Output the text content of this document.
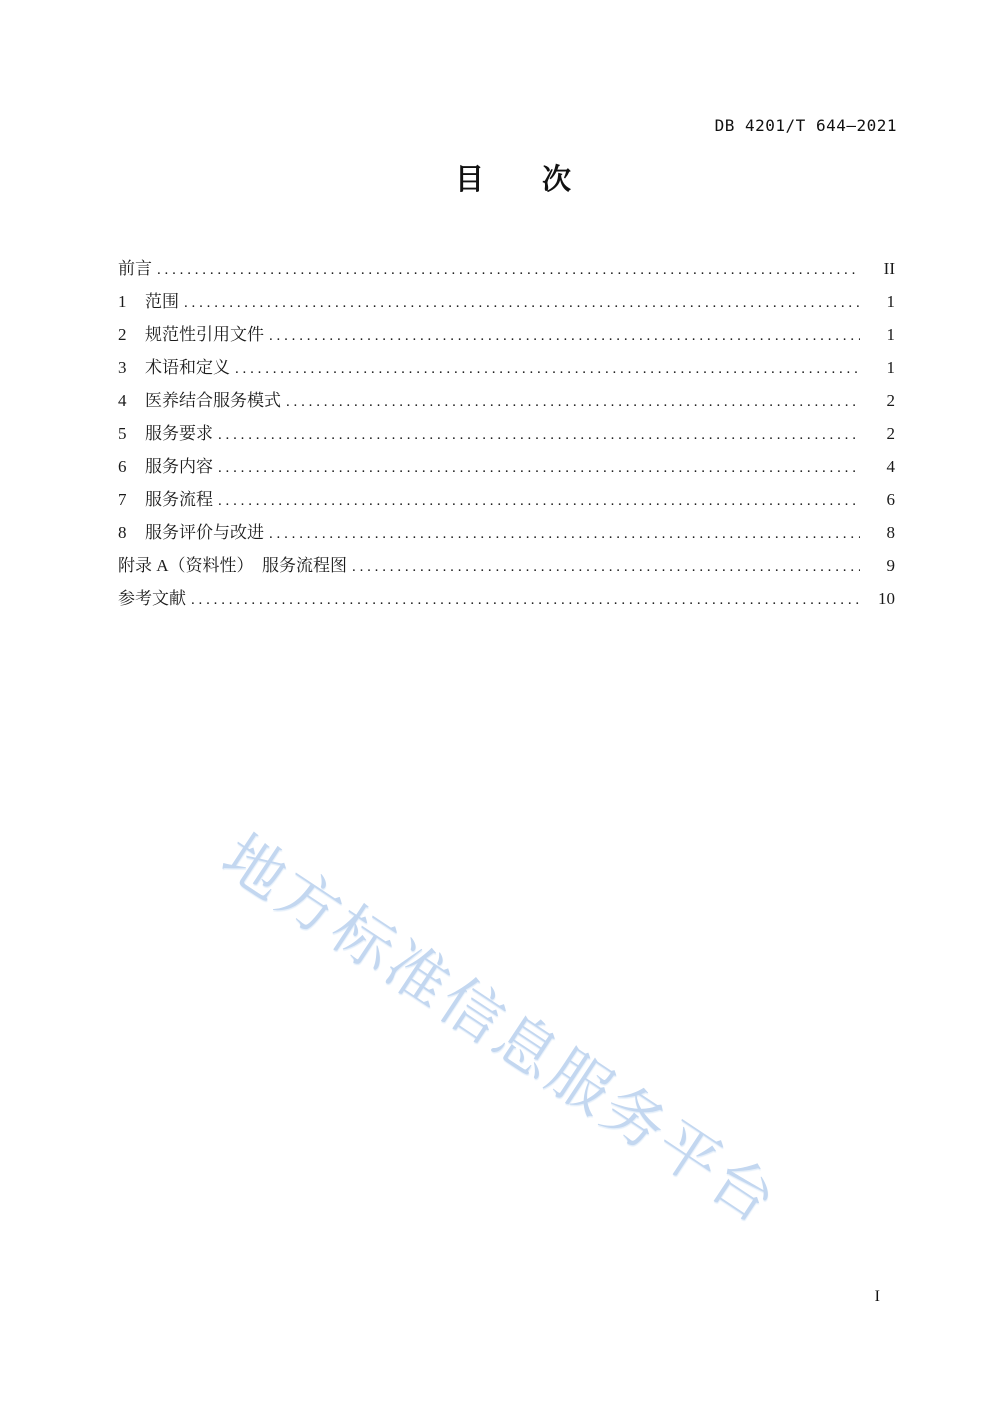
DB 4201/T 644—2021
目　　次
前言 .....	II
1	范围 .....	1
2	规范性引用文件 .....	1
3	术语和定义 .....	1
4	医养结合服务模式 .....	2
5	服务要求 .....	2
6	服务内容 .....	4
7	服务流程 .....	6
8	服务评价与改进 .....	8
附录 A（资料性）　服务流程图 .....	9
参考文献 .....	10
地方标准信息服务平台
I
